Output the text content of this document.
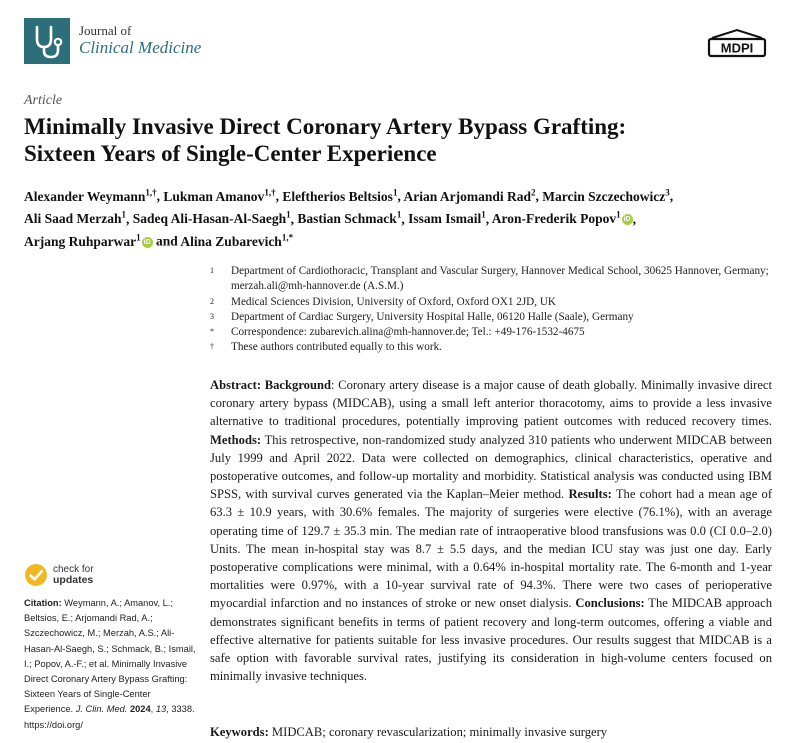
Journal of
Clinical Medicine	MDPI
Article
Minimally Invasive Direct Coronary Artery Bypass Grafting:
Sixteen Years of Single-Center Experience
Alexander Weymann$^{1,\dagger}$, Lukman Amanov$^{1,\dagger}$, Eleftherios Beltsios$^1$, Arian Arjomandi Rad$^2$, Marcin Szczechowicz$^3$,
Ali Saad Merzah$^1$, Sadeq Ali-Hasan-Al-Saegh$^1$, Bastian Schmack$^1$, Issam Ismail$^1$, Aron-Frederik Popov$^1$iD ,
Arjang Ruhparwar$^1$iD and Alina Zubarevich$^{1,*}$
1 Department of Cardiothoracic, Transplant and Vascular Surgery, Hannover Medical School, 30625 Hannover, Germany; merzah.ali@mh-hannover.de (A.S.M.)
2 Medical Sciences Division, University of Oxford, Oxford OX1 2JD, UK
3 Department of Cardiac Surgery, University Hospital Halle, 06120 Halle (Saale), Germany
* Correspondence: zubarevich.alina@mh-hannover.de; Tel.: +49-176-1532-4675
† These authors contributed equally to this work.
Abstract: Background: Coronary artery disease is a major cause of death globally. Minimally invasive direct coronary artery bypass (MIDCAB), using a small left anterior thoracotomy, aims to provide a less invasive alternative to traditional procedures, potentially improving patient outcomes with reduced recovery times. Methods: This retrospective, non-randomized study analyzed 310 patients who underwent MIDCAB between July 1999 and April 2022. Data were collected on demographics, clinical characteristics, operative and postoperative outcomes, and follow-up mortality and morbidity. Statistical analysis was conducted using IBM SPSS, with survival curves generated via the Kaplan–Meier method. Results: The cohort had a mean age of 63.3 ± 10.9 years, with 30.6% females. The majority of surgeries were elective (76.1%), with an average operating time of 129.7 ± 35.3 min. The median rate of intraoperative blood transfusions was 0.0 (CI 0.0–2.0) Units. The mean in-hospital stay was 8.7 ± 5.5 days, and the median ICU stay was just one day. Early postoperative complications were minimal, with a 0.64% in-hospital mortality rate. The 6-month and 1-year mortalities were 0.97%, with a 10-year survival rate of 94.3%. There were two cases of perioperative myocardial infarction and no instances of stroke or new onset dialysis. Conclusions: The MIDCAB approach demonstrates significant benefits in terms of patient recovery and long-term outcomes, offering a viable and effective alternative for patients suitable for less invasive procedures. Our results suggest that MIDCAB is a safe option with favorable survival rates, justifying its consideration in high-volume centers focused on minimally invasive techniques.
Keywords: MIDCAB; coronary revascularization; minimally invasive surgery
check for
updates
Citation: Weymann, A.; Amanov, L.; Beltsios, E.; Arjomandi Rad, A.; Szczechowicz, M.; Merzah, A.S.; Ali-Hasan-Al-Saegh, S.; Schmack, B.; Ismail, I.; Popov, A.-F.; et al. Minimally Invasive Direct Coronary Artery Bypass Grafting: Sixteen Years of Single-Center Experience. J. Clin. Med. 2024, 13, 3338. https://doi.org/
